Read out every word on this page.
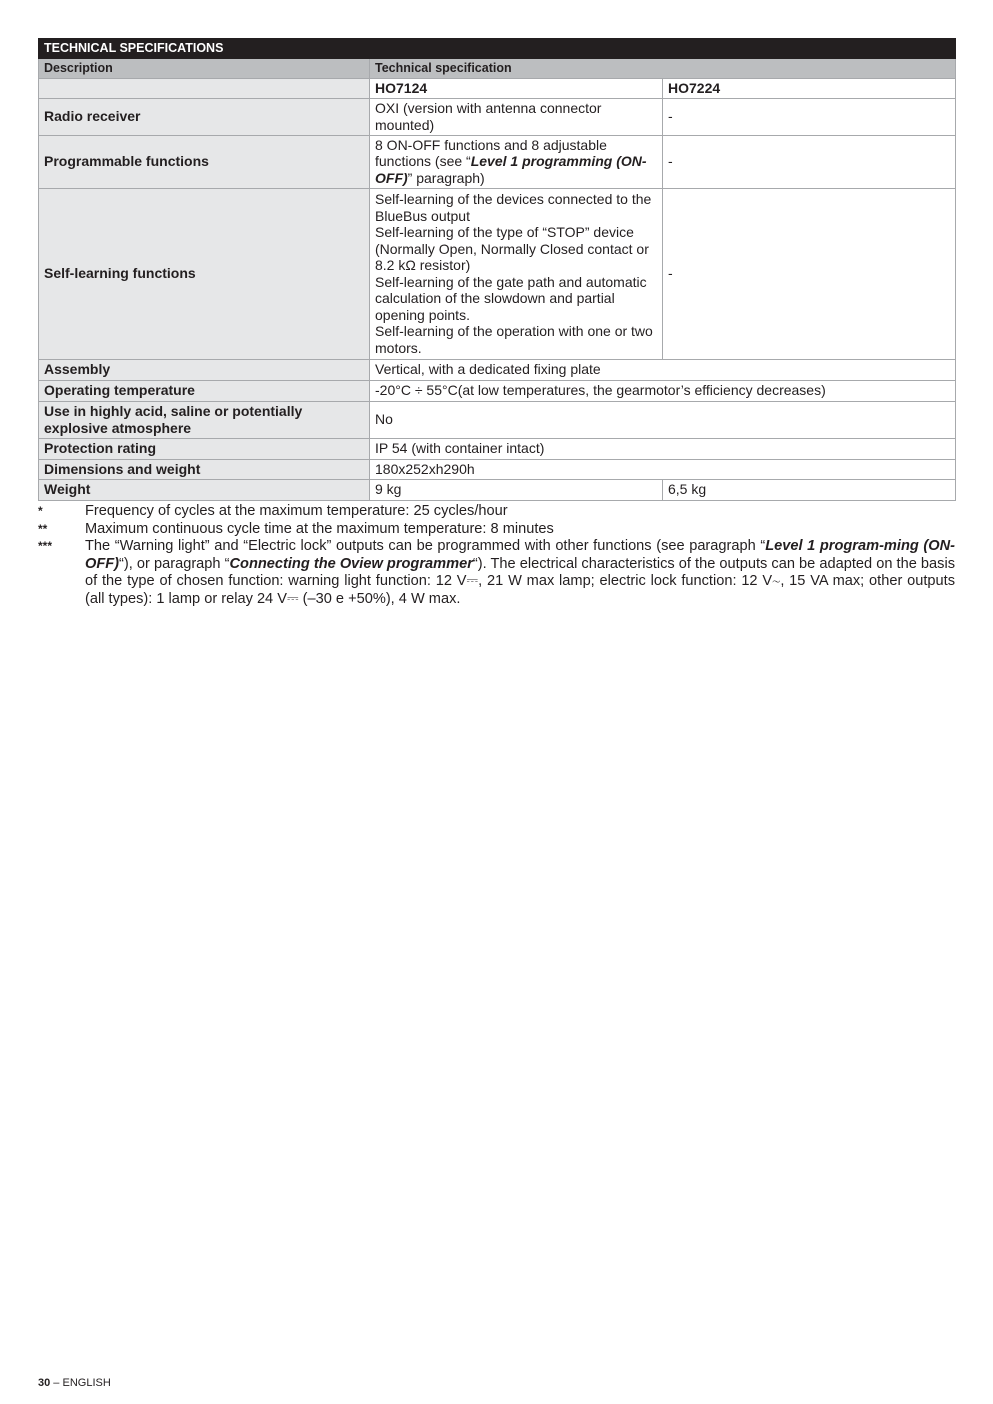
TECHNICAL SPECIFICATIONS		
Description	Technical specification	
	HO7124	HO7224
Radio receiver	OXI (version with antenna connector mounted)	-
Programmable functions	8 ON-OFF functions and 8 adjustable functions (see “Level 1 programming (ON-OFF)” paragraph)	-
Self-learning functions	Self-learning of the devices connected to the BlueBus output
Self-learning of the type of “STOP” device (Normally Open, Normally Closed contact or 8.2 kΩ resistor)
Self-learning of the gate path and automatic calculation of the slowdown and partial opening points.
Self-learning of the operation with one or two motors.	-
Assembly	Vertical, with a dedicated fixing plate	
Operating temperature	-20°C ÷ 55°C(at low temperatures, the gearmotor’s efficiency decreases)	
Use in highly acid, saline or potentially explosive atmosphere	No	
Protection rating	IP 54 (with container intact)	
Dimensions and weight	180x252xh290h	
Weight	9 kg	6,5 kg
*	Frequency of cycles at the maximum temperature: 25 cycles/hour
**	Maximum continuous cycle time at the maximum temperature: 8 minutes
***	The “Warning light” and “Electric lock” outputs can be programmed with other functions (see paragraph “Level 1 program-ming (ON-OFF)“), or paragraph “Connecting the Oview programmer“). The electrical characteristics of the outputs can be adapted on the basis of the type of chosen function: warning light function: 12 V⎓, 21 W max lamp; electric lock function: 12 V∼, 15 VA max; other outputs (all types): 1 lamp or relay 24 V⎓ (–30 e +50%), 4 W max.
30 – ENGLISH
